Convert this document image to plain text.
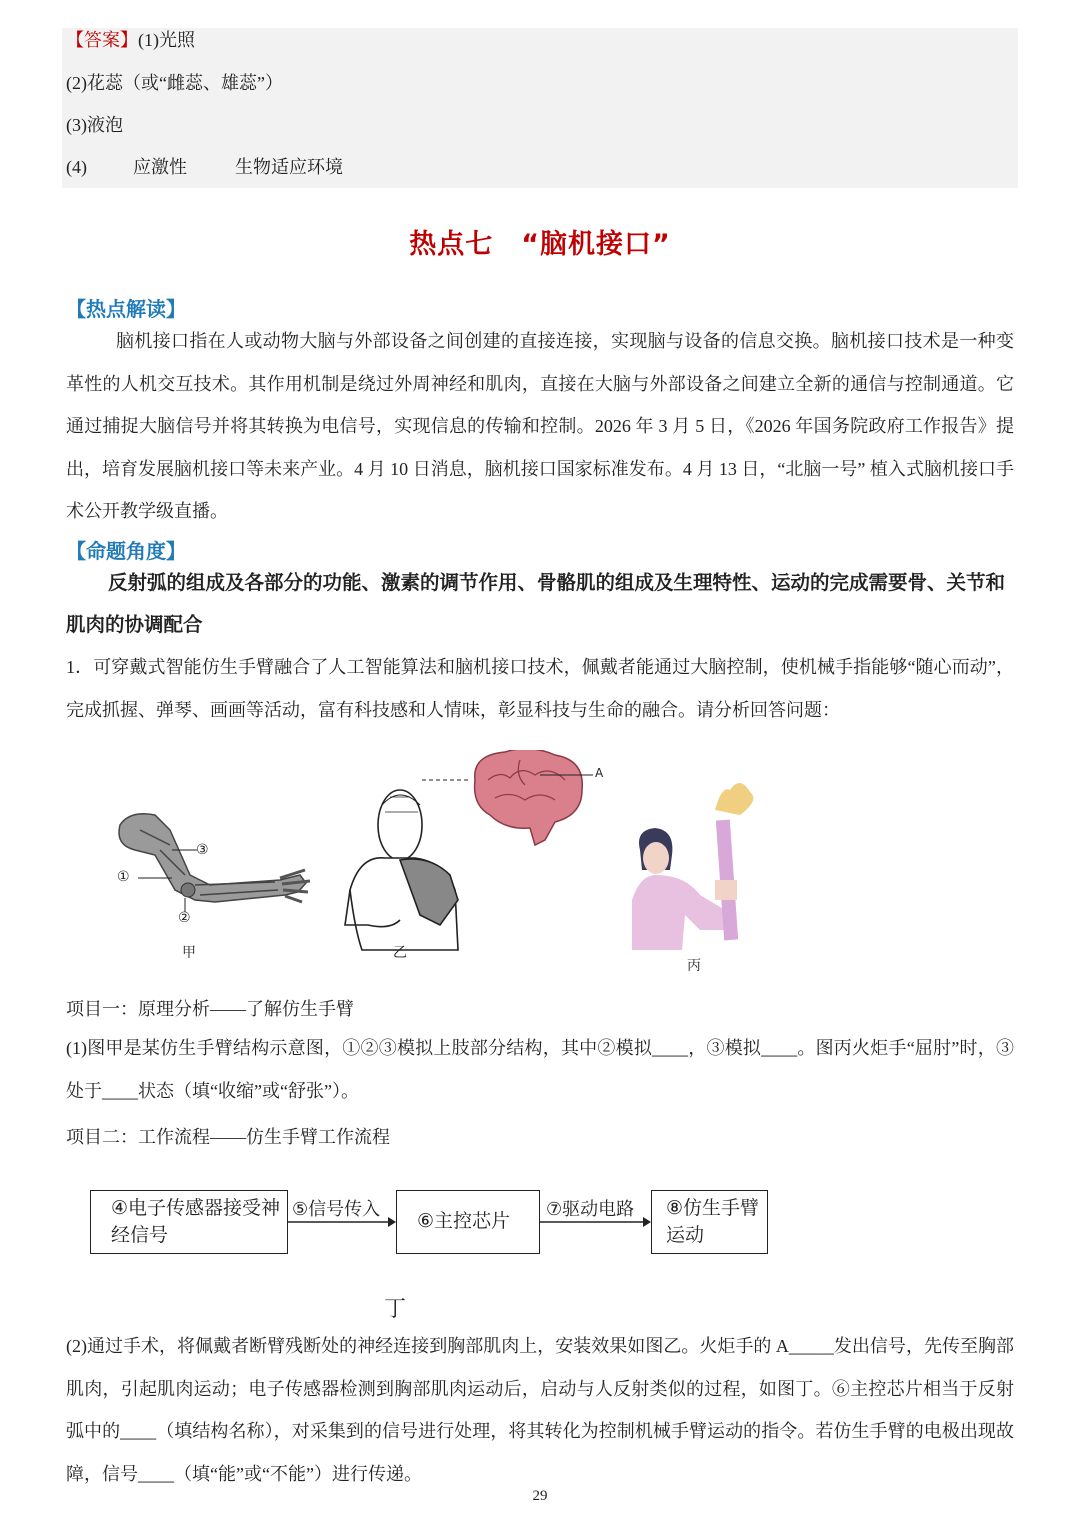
【答案】(1)光照
(2)花蕊（或“雌蕊、雄蕊”）
(3)液泡
(4)	应激性	生物适应环境
热点七　“脑机接口”
【热点解读】
脑机接口指在人或动物大脑与外部设备之间创建的直接连接，实现脑与设备的信息交换。脑机接口技术是一种变革性的人机交互技术。其作用机制是绕过外周神经和肌肉，直接在大脑与外部设备之间建立全新的通信与控制通道。它通过捕捉大脑信号并将其转换为电信号，实现信息的传输和控制。2026 年 3 月 5 日，《2026 年国务院政府工作报告》提出，培育发展脑机接口等未来产业。4 月 10 日消息，脑机接口国家标准发布。4 月 13 日，“北脑一号” 植入式脑机接口手术公开教学级直播。
【命题角度】
反射弧的组成及各部分的功能、激素的调节作用、骨骼肌的组成及生理特性、运动的完成需要骨、关节和肌肉的协调配合
1．可穿戴式智能仿生手臂融合了人工智能算法和脑机接口技术，佩戴者能通过大脑控制，使机械手指能够“随心而动”，完成抓握、弹琴、画画等活动，富有科技感和人情味，彰显科技与生命的融合。请分析回答问题：
③
①
②
A
甲	乙
丙
项目一：原理分析——了解仿生手臂
(1)图甲是某仿生手臂结构示意图，①②③模拟上肢部分结构，其中②模拟____，③模拟____。图丙火炬手“屈肘”时，③处于____状态（填“收缩”或“舒张”）。
项目二：工作流程——仿生手臂工作流程
④电子传感器接受神经信号
⑥主控芯片
⑧仿生手臂运动
⑤信号传入	⑦驱动电路
丁
(2)通过手术，将佩戴者断臂残断处的神经连接到胸部肌肉上，安装效果如图乙。火炬手的 A_____发出信号，先传至胸部肌肉，引起肌肉运动；电子传感器检测到胸部肌肉运动后，启动与人反射类似的过程，如图丁。⑥主控芯片相当于反射弧中的____（填结构名称），对采集到的信号进行处理，将其转化为控制机械手臂运动的指令。若仿生手臂的电极出现故障，信号____（填“能”或“不能”）进行传递。
29
